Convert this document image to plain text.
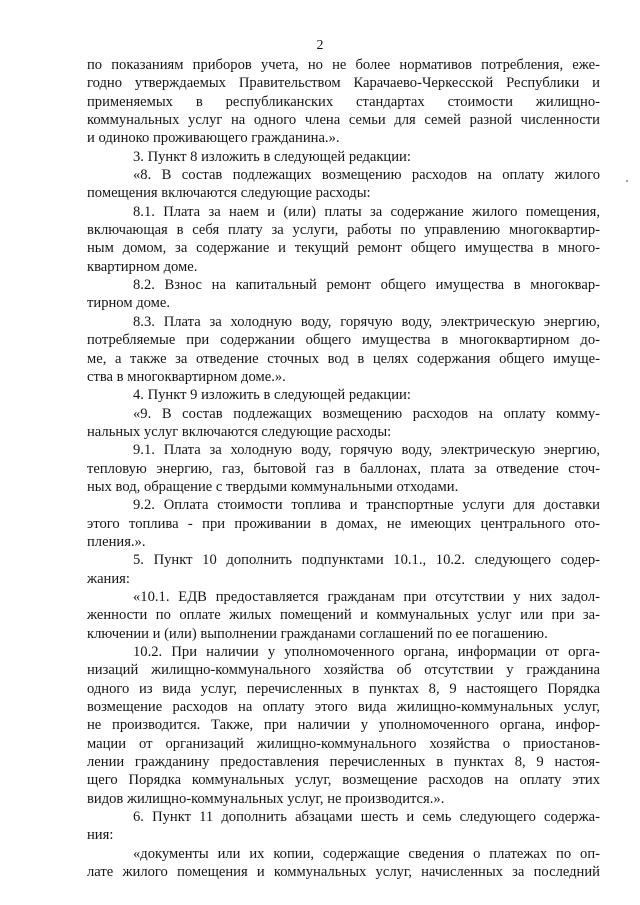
2
по показаниям приборов учета, но не более нормативов потребления, еже-
годно утверждаемых Правительством Карачаево-Черкесской Республики и
применяемых в республиканских стандартах стоимости жилищно-
коммунальных услуг на одного члена семьи для семей разной численности
и одиноко проживающего гражданина.».
3. Пункт 8 изложить в следующей редакции:
«8. В состав подлежащих возмещению расходов на оплату жилого
помещения включаются следующие расходы:
8.1. Плата за наем и (или) платы за содержание жилого помещения,
включающая в себя плату за услуги, работы по управлению многоквартир-
ным домом, за содержание и текущий ремонт общего имущества в много-
квартирном доме.
8.2. Взнос на капитальный ремонт общего имущества в многоквар-
тирном доме.
8.3. Плата за холодную воду, горячую воду, электрическую энергию,
потребляемые при содержании общего имущества в многоквартирном до-
ме, а также за отведение сточных вод в целях содержания общего имуще-
ства в многоквартирном доме.».
4. Пункт 9 изложить в следующей редакции:
«9. В состав подлежащих возмещению расходов на оплату комму-
нальных услуг включаются следующие расходы:
9.1. Плата за холодную воду, горячую воду, электрическую энергию,
тепловую энергию, газ, бытовой газ в баллонах, плата за отведение сточ-
ных вод, обращение с твердыми коммунальными отходами.
9.2. Оплата стоимости топлива и транспортные услуги для доставки
этого топлива - при проживании в домах, не имеющих центрального ото-
пления.».
5. Пункт 10 дополнить подпунктами 10.1., 10.2. следующего содер-
жания:
«10.1. ЕДВ предоставляется гражданам при отсутствии у них задол-
женности по оплате жилых помещений и коммунальных услуг или при за-
ключении и (или) выполнении гражданами соглашений по ее погашению.
10.2. При наличии у уполномоченного органа, информации от орга-
низаций жилищно-коммунального хозяйства об отсутствии у гражданина
одного из вида услуг, перечисленных в пунктах 8, 9 настоящего Порядка
возмещение расходов на оплату этого вида жилищно-коммунальных услуг,
не производится. Также, при наличии у уполномоченного органа, инфор-
мации от организаций жилищно-коммунального хозяйства о приостанов-
лении гражданину предоставления перечисленных в пунктах 8, 9 настоя-
щего Порядка коммунальных услуг, возмещение расходов на оплату этих
видов жилищно-коммунальных услуг, не производится.».
6. Пункт 11 дополнить абзацами шесть и семь следующего содержа-
ния:
«документы или их копии, содержащие сведения о платежах по оп-
лате жилого помещения и коммунальных услуг, начисленных за последний
